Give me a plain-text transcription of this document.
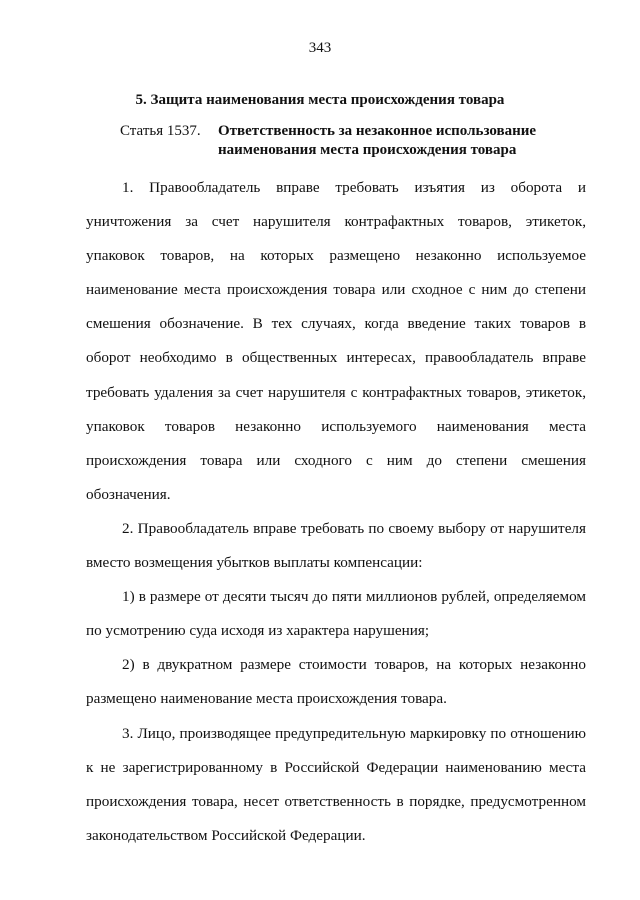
343
5. Защита наименования места происхождения товара
Статья 1537. Ответственность за незаконное использование
наименования места происхождения товара

1. Правообладатель вправе требовать изъятия из оборота и уничтожения за счет нарушителя контрафактных товаров, этикеток, упаковок товаров, на которых размещено незаконно используемое наименование места происхождения товара или сходное с ним до степени смешения обозначение. В тех случаях, когда введение таких товаров в оборот необходимо в общественных интересах, правообладатель вправе требовать удаления за счет нарушителя с контрафактных товаров, этикеток, упаковок товаров незаконно используемого наименования места происхождения товара или сходного с ним до степени смешения обозначения.

2. Правообладатель вправе требовать по своему выбору от нарушителя вместо возмещения убытков выплаты компенсации:

1) в размере от десяти тысяч до пяти миллионов рублей, определяемом по усмотрению суда исходя из характера нарушения;

2) в двукратном размере стоимости товаров, на которых незаконно размещено наименование места происхождения товара.

3. Лицо, производящее предупредительную маркировку по отношению к не зарегистрированному в Российской Федерации наименованию места происхождения товара, несет ответственность в порядке, предусмотренном законодательством Российской Федерации.
